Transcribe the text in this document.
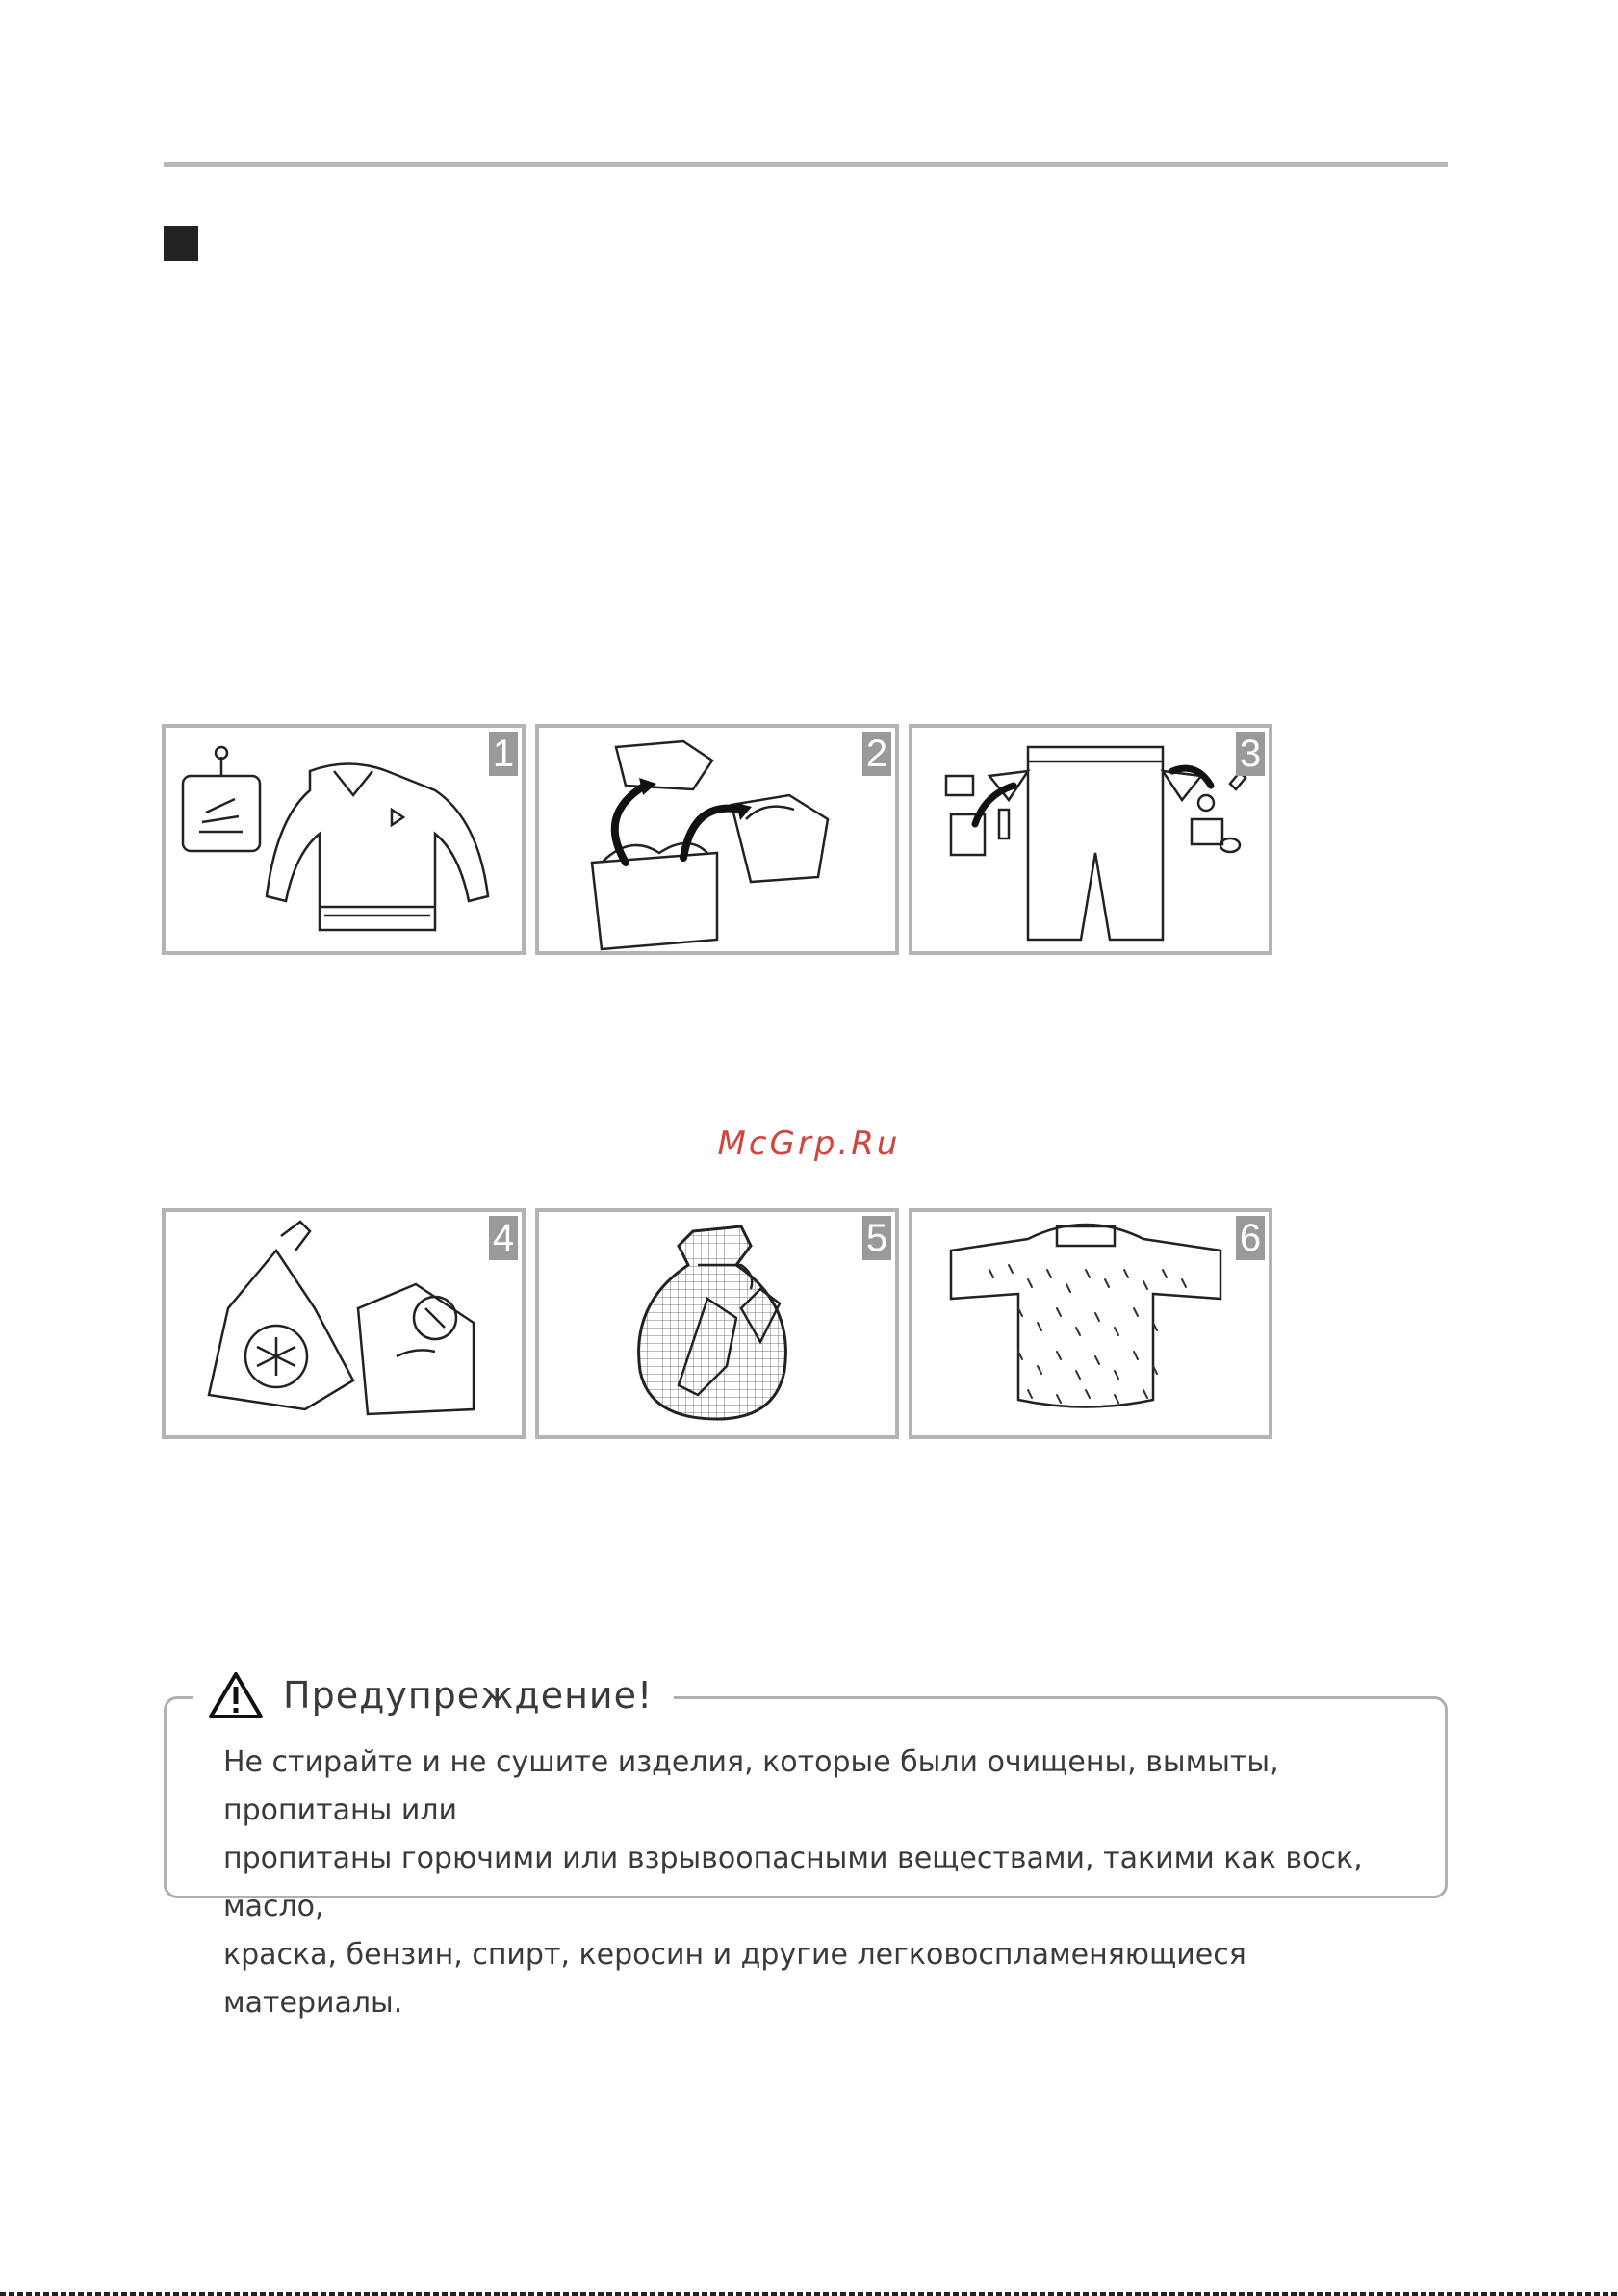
1	2	3
4	5	6
McGrp.Ru
Предупреждение!

Не стирайте и не сушите изделия, которые были очищены, вымыты, пропитаны или
пропитаны горючими или взрывоопасными веществами, такими как воск, масло,
краска, бензин, спирт, керосин и другие легковоспламеняющиеся материалы.
